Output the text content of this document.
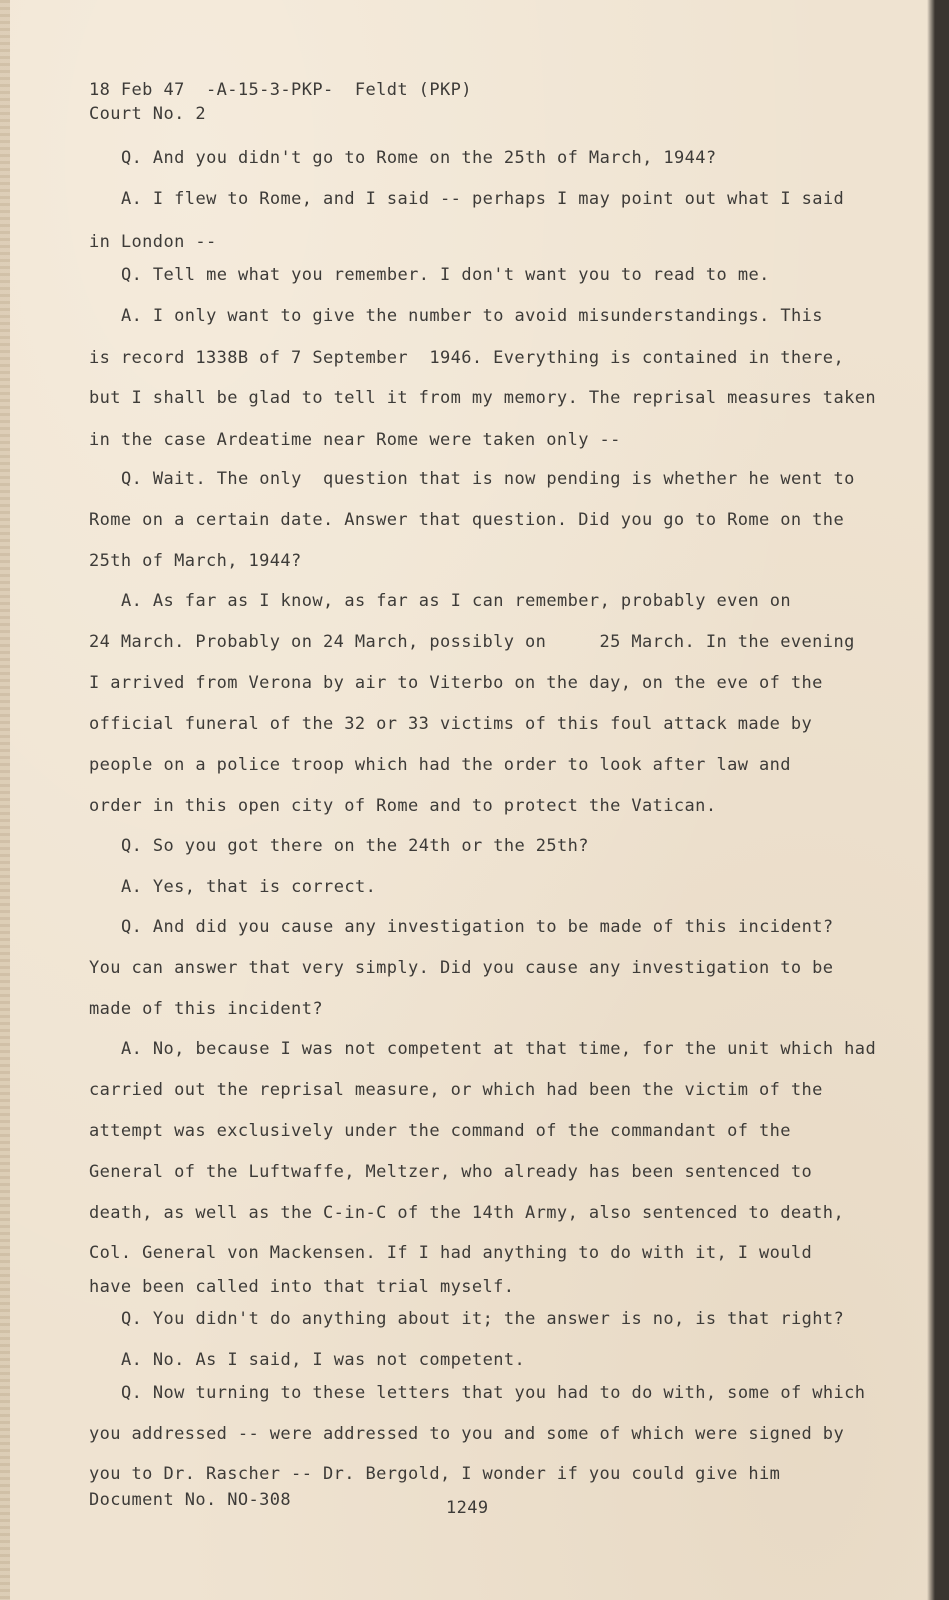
18 Feb 47  -A-15-3-PKP-  Feldt (PKP)
Court No. 2
Q. And you didn't go to Rome on the 25th of March, 1944?
A. I flew to Rome, and I said -- perhaps I may point out what I said
in London --
Q. Tell me what you remember. I don't want you to read to me.
A. I only want to give the number to avoid misunderstandings. This
is record 1338B of 7 September  1946. Everything is contained in there,
but I shall be glad to tell it from my memory. The reprisal measures taken
in the case Ardeatime near Rome were taken only --
Q. Wait. The only  question that is now pending is whether he went to
Rome on a certain date. Answer that question. Did you go to Rome on the
25th of March, 1944?
A. As far as I know, as far as I can remember, probably even on
24 March. Probably on 24 March, possibly on     25 March. In the evening
I arrived from Verona by air to Viterbo on the day, on the eve of the
official funeral of the 32 or 33 victims of this foul attack made by
people on a police troop which had the order to look after law and
order in this open city of Rome and to protect the Vatican.
Q. So you got there on the 24th or the 25th?
A. Yes, that is correct.
Q. And did you cause any investigation to be made of this incident?
You can answer that very simply. Did you cause any investigation to be
made of this incident?
A. No, because I was not competent at that time, for the unit which had
carried out the reprisal measure, or which had been the victim of the
attempt was exclusively under the command of the commandant of the
General of the Luftwaffe, Meltzer, who already has been sentenced to
death, as well as the C-in-C of the 14th Army, also sentenced to death,
Col. General von Mackensen. If I had anything to do with it, I would
have been called into that trial myself.
Q. You didn't do anything about it; the answer is no, is that right?
A. No. As I said, I was not competent.
Q. Now turning to these letters that you had to do with, some of which
you addressed -- were addressed to you and some of which were signed by
you to Dr. Rascher -- Dr. Bergold, I wonder if you could give him
Document No. NO-308	1249
